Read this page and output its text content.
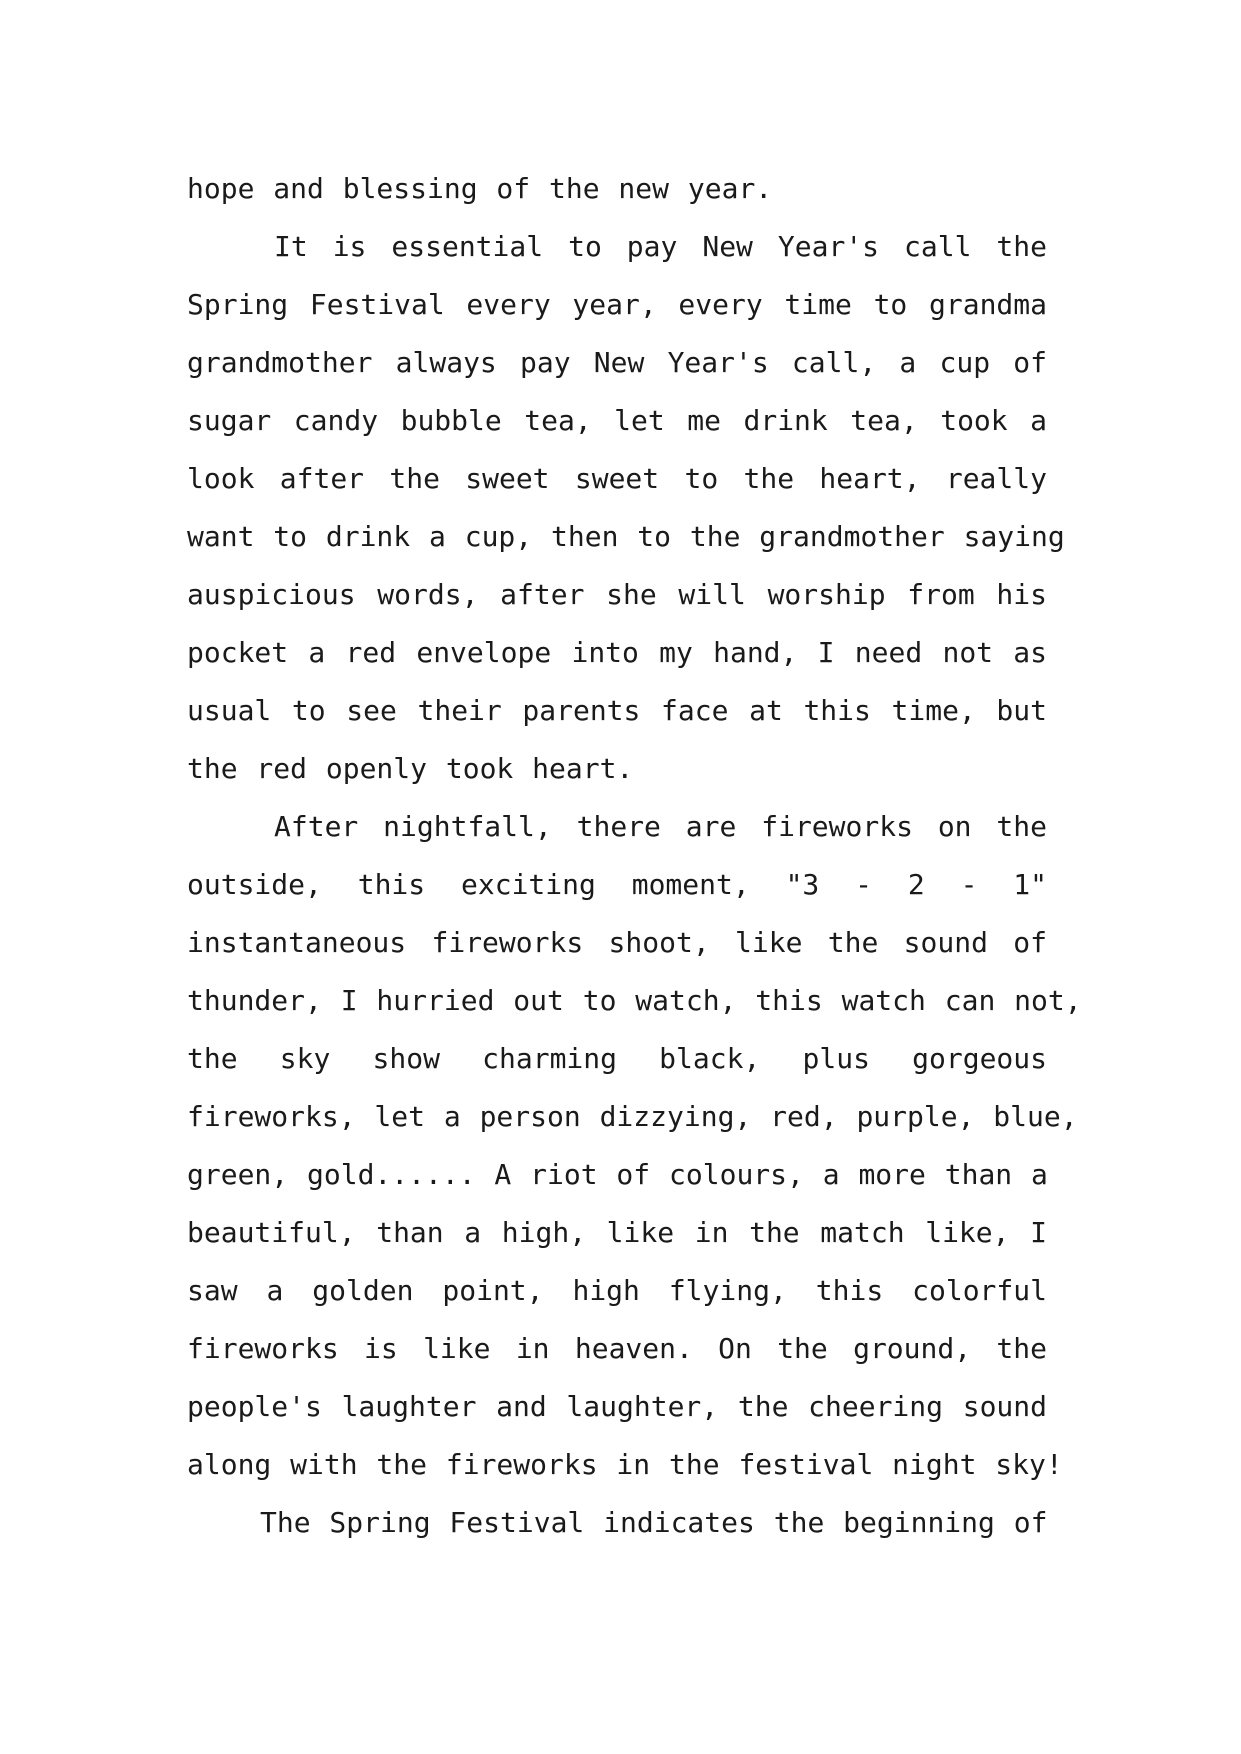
hope and blessing of the new year.
It is essential to pay New Year's call the
Spring Festival every year, every time to grandma
grandmother always pay New Year's call, a cup of
sugar candy bubble tea, let me drink tea, took a
look after the sweet sweet to the heart, really
want to drink a cup, then to the grandmother saying
auspicious words, after she will worship from his
pocket a red envelope into my hand, I need not as
usual to see their parents face at this time, but
the red openly took heart.
After nightfall, there are fireworks on the
outside, this exciting moment, "3 - 2 - 1"
instantaneous fireworks shoot, like the sound of
thunder, I hurried out to watch, this watch can not,
the sky show charming black, plus gorgeous
fireworks, let a person dizzying, red, purple, blue,
green, gold...... A riot of colours, a more than a
beautiful, than a high, like in the match like, I
saw a golden point, high flying, this colorful
fireworks is like in heaven. On the ground, the
people's laughter and laughter, the cheering sound
along with the fireworks in the festival night sky!
The Spring Festival indicates the beginning of
